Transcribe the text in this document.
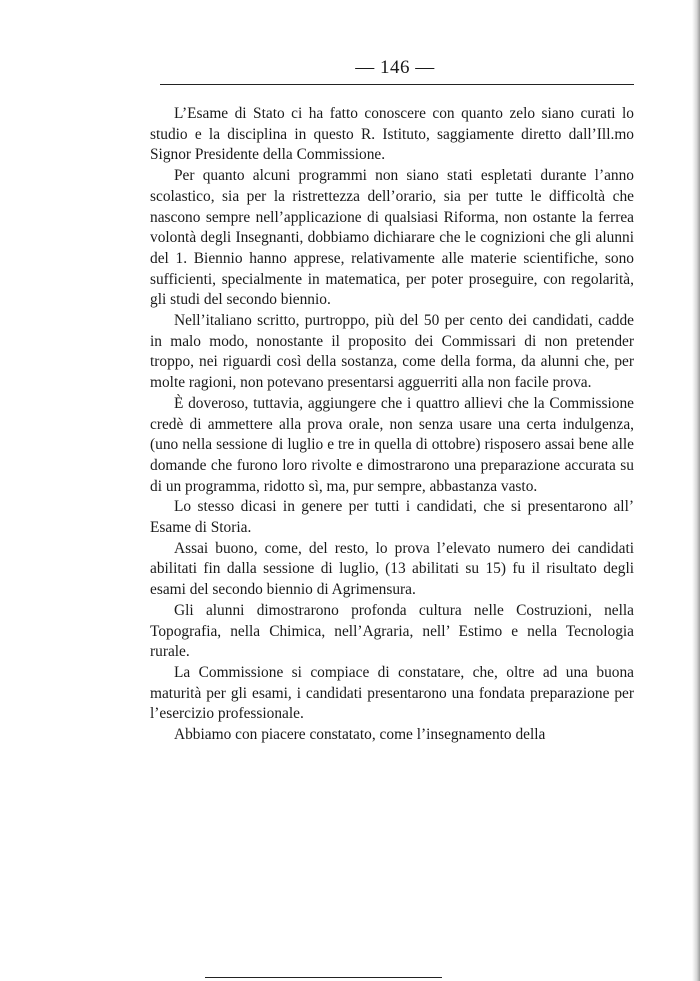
— 146 —

L’Esame di Stato ci ha fatto conoscere con quanto zelo siano curati lo studio e la disciplina in questo R. Istituto, saggiamente diretto dall’Ill.mo Signor Presidente della Commissione.

Per quanto alcuni programmi non siano stati espletati durante l’anno scolastico, sia per la ristrettezza dell’orario, sia per tutte le difficoltà che nascono sempre nell’applicazione di qualsiasi Riforma, non ostante la ferrea volontà degli Insegnanti, dobbiamo dichiarare che le cognizioni che gli alunni del 1. Biennio hanno apprese, relativamente alle materie scientifiche, sono sufficienti, specialmente in matematica, per poter proseguire, con regolarità, gli studi del secondo biennio.

Nell’italiano scritto, purtroppo, più del 50 per cento dei candidati, cadde in malo modo, nonostante il proposito dei Commissari di non pretender troppo, nei riguardi così della sostanza, come della forma, da alunni che, per molte ragioni, non potevano presentarsi agguerriti alla non facile prova.

È doveroso, tuttavia, aggiungere che i quattro allievi che la Commissione credè di ammettere alla prova orale, non senza usare una certa indulgenza, (uno nella sessione di luglio e tre in quella di ottobre) risposero assai bene alle domande che furono loro rivolte e dimostrarono una preparazione accurata su di un programma, ridotto sì, ma, pur sempre, abbastanza vasto.

Lo stesso dicasi in genere per tutti i candidati, che si presentarono all’ Esame di Storia.

Assai buono, come, del resto, lo prova l’elevato numero dei candidati abilitati fin dalla sessione di luglio, (13 abilitati su 15) fu il risultato degli esami del secondo biennio di Agrimensura.

Gli alunni dimostrarono profonda cultura nelle Costruzioni, nella Topografia, nella Chimica, nell’Agraria, nell’ Estimo e nella Tecnologia rurale.

La Commissione si compiace di constatare, che, oltre ad una buona maturità per gli esami, i candidati presentarono una fondata preparazione per l’esercizio professionale.

Abbiamo con piacere constatato, come l’insegnamento della
